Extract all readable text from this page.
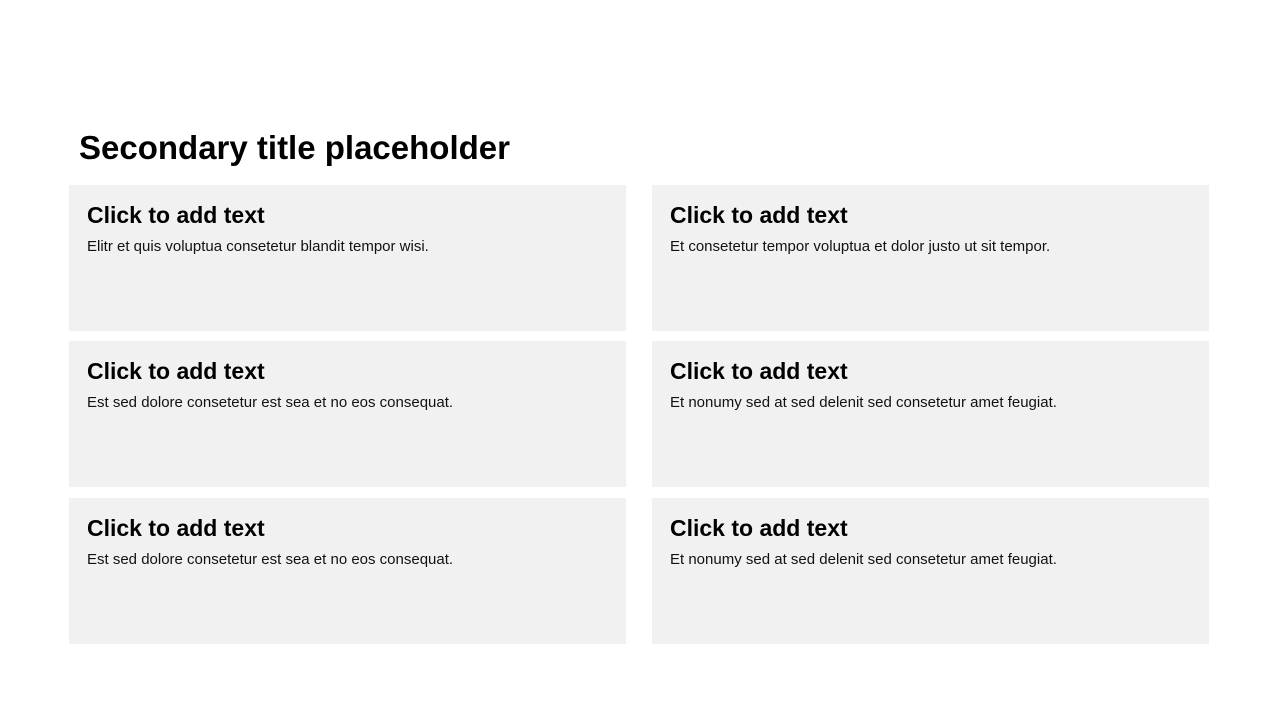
Secondary title placeholder
Click to add text
Elitr et quis voluptua consetetur blandit tempor wisi.
Click to add text
Et consetetur tempor voluptua et dolor justo ut sit tempor.
Click to add text
Est sed dolore consetetur est sea et no eos consequat.
Click to add text
Et nonumy sed at sed delenit sed consetetur amet feugiat.
Click to add text
Est sed dolore consetetur est sea et no eos consequat.
Click to add text
Et nonumy sed at sed delenit sed consetetur amet feugiat.
